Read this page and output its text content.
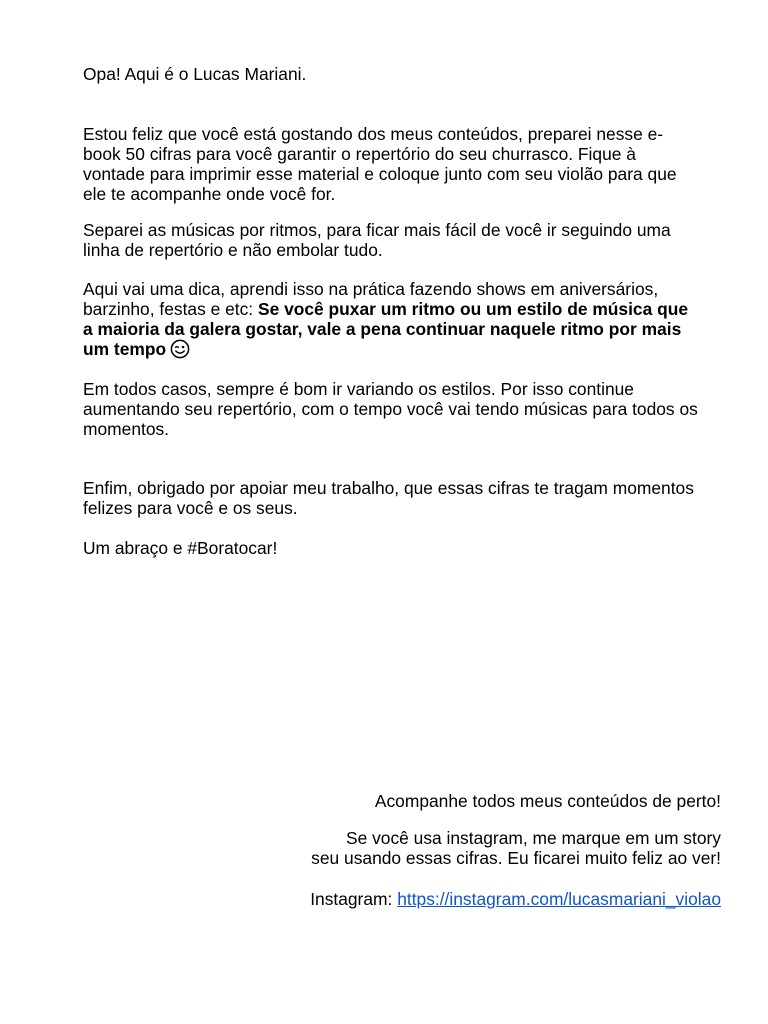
Opa! Aqui é o Lucas Mariani.

Estou feliz que você está gostando dos meus conteúdos, preparei nesse e-
book 50 cifras para você garantir o repertório do seu churrasco. Fique à
vontade para imprimir esse material e coloque junto com seu violão para que
ele te acompanhe onde você for.

Separei as músicas por ritmos, para ficar mais fácil de você ir seguindo uma
linha de repertório e não embolar tudo.

Aqui vai uma dica, aprendi isso na prática fazendo shows em aniversários,
barzinho, festas e etc: Se você puxar um ritmo ou um estilo de música que
a maioria da galera gostar, vale a pena continuar naquele ritmo por mais
um tempo

Em todos casos, sempre é bom ir variando os estilos. Por isso continue
aumentando seu repertório, com o tempo você vai tendo músicas para todos os
momentos.

Enfim, obrigado por apoiar meu trabalho, que essas cifras te tragam momentos
felizes para você e os seus.

Um abraço e #Boratocar!

Acompanhe todos meus conteúdos de perto!

Se você usa instagram, me marque em um story
seu usando essas cifras. Eu ficarei muito feliz ao ver!

Instagram: https://instagram.com/lucasmariani_violao
